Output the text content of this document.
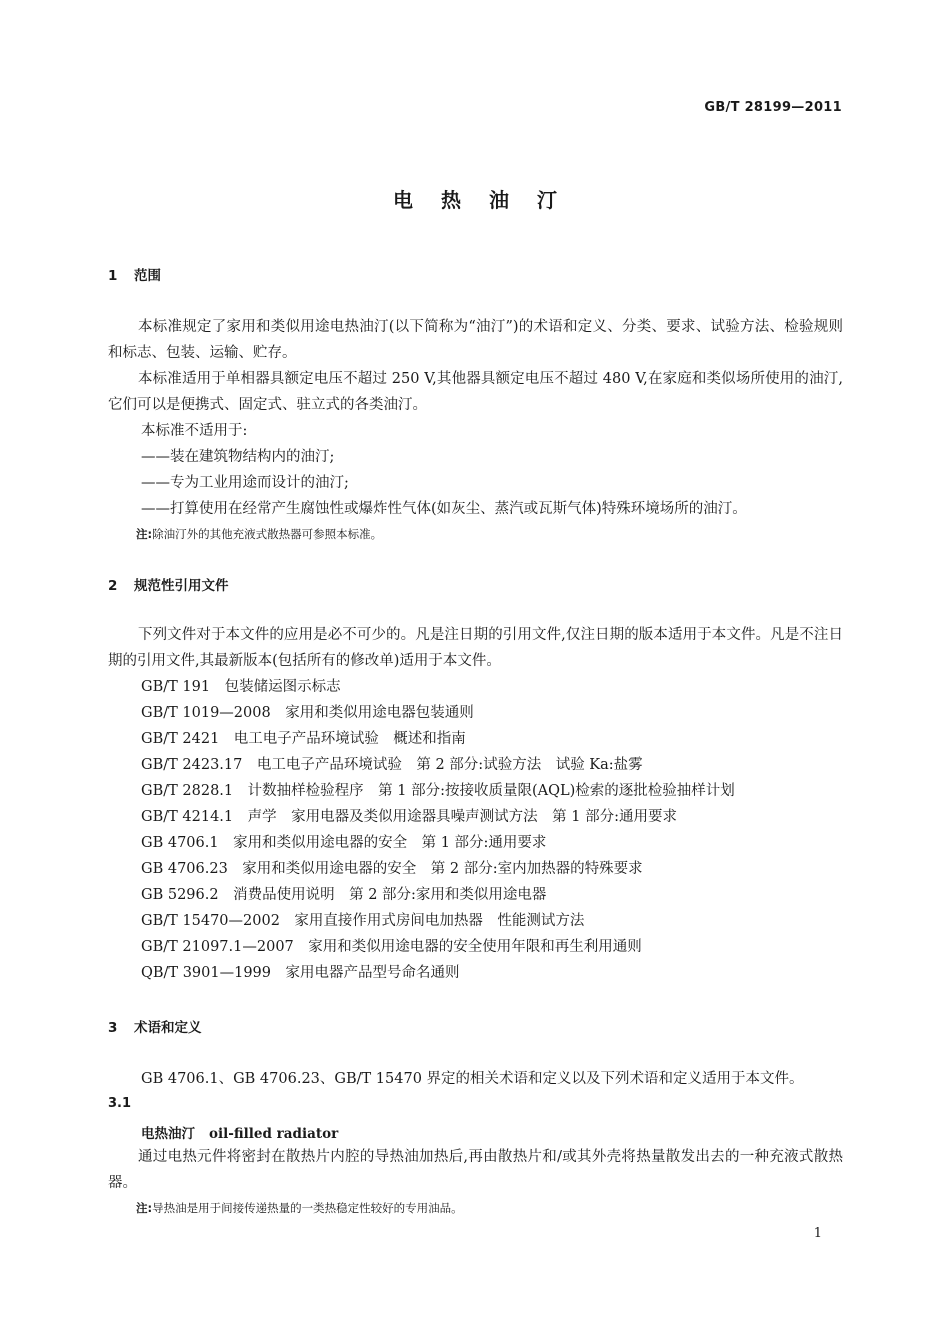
GB/T 28199—2011
电热油汀
1 范围
本标准规定了家用和类似用途电热油汀(以下简称为“油汀”)的术语和定义、分类、要求、试验方法、检验规则和标志、包装、运输、贮存。
本标准适用于单相器具额定电压不超过 250 V,其他器具额定电压不超过 480 V,在家庭和类似场所使用的油汀,它们可以是便携式、固定式、驻立式的各类油汀。
本标准不适用于:
——装在建筑物结构内的油汀;
——专为工业用途而设计的油汀;
——打算使用在经常产生腐蚀性或爆炸性气体(如灰尘、蒸汽或瓦斯气体)特殊环境场所的油汀。
注:除油汀外的其他充液式散热器可参照本标准。
2 规范性引用文件
下列文件对于本文件的应用是必不可少的。凡是注日期的引用文件,仅注日期的版本适用于本文件。凡是不注日期的引用文件,其最新版本(包括所有的修改单)适用于本文件。
GB/T 191　包装储运图示标志
GB/T 1019—2008　家用和类似用途电器包装通则
GB/T 2421　电工电子产品环境试验　概述和指南
GB/T 2423.17　电工电子产品环境试验　第 2 部分:试验方法　试验 Ka:盐雾
GB/T 2828.1　计数抽样检验程序　第 1 部分:按接收质量限(AQL)检索的逐批检验抽样计划
GB/T 4214.1　声学　家用电器及类似用途器具噪声测试方法　第 1 部分:通用要求
GB 4706.1　家用和类似用途电器的安全　第 1 部分:通用要求
GB 4706.23　家用和类似用途电器的安全　第 2 部分:室内加热器的特殊要求
GB 5296.2　消费品使用说明　第 2 部分:家用和类似用途电器
GB/T 15470—2002　家用直接作用式房间电加热器　性能测试方法
GB/T 21097.1—2007　家用和类似用途电器的安全使用年限和再生利用通则
QB/T 3901—1999　家用电器产品型号命名通则
3 术语和定义
GB 4706.1、GB 4706.23、GB/T 15470 界定的相关术语和定义以及下列术语和定义适用于本文件。
3.1
电热油汀 oil-filled radiator
通过电热元件将密封在散热片内腔的导热油加热后,再由散热片和/或其外壳将热量散发出去的一种充液式散热器。
注:导热油是用于间接传递热量的一类热稳定性较好的专用油品。
1
